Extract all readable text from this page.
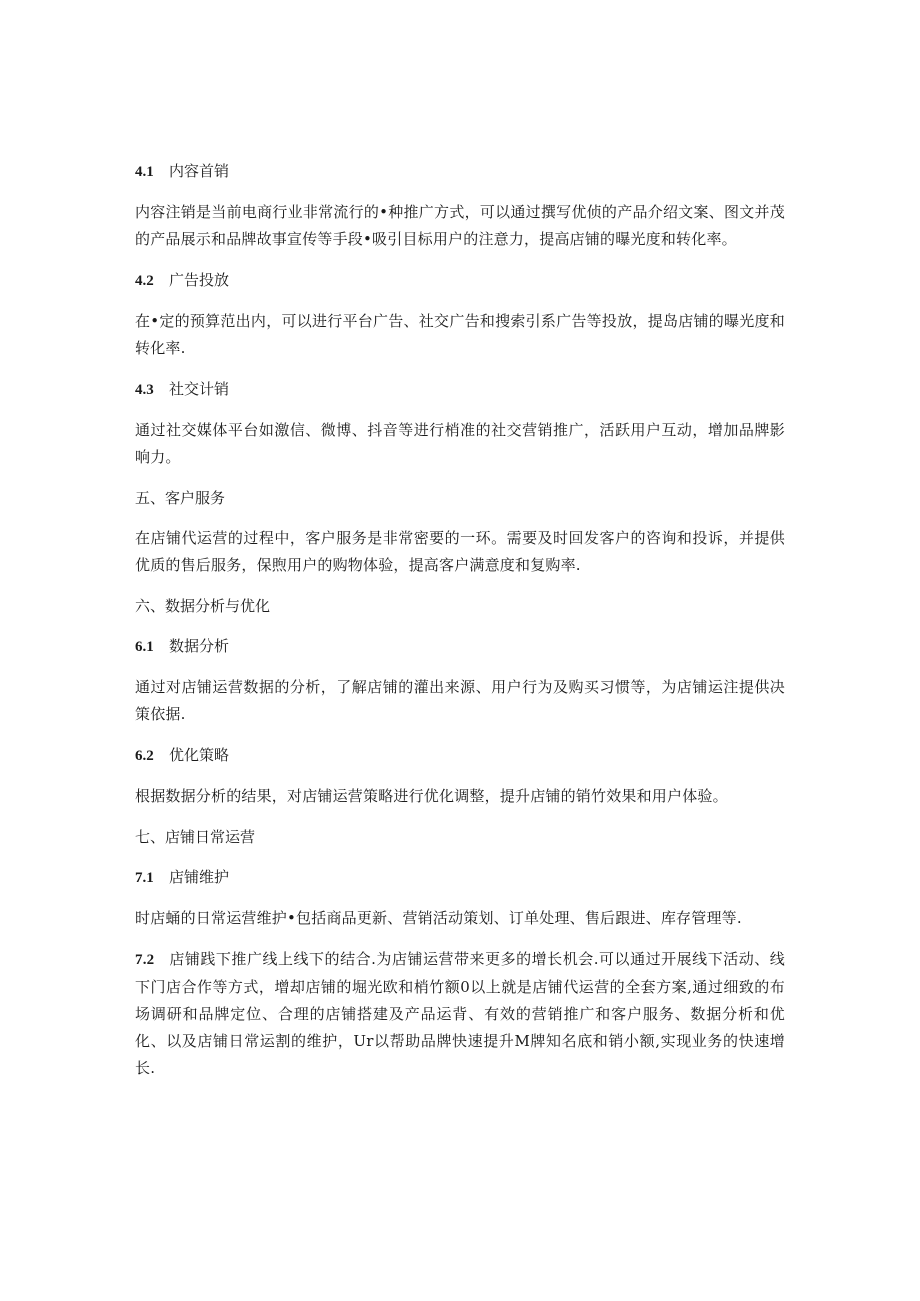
4.1 内容首销

内容注销是当前电商行业非常流行的•种推广方式，可以通过撰写优侦的产品介绍文案、图文并茂的产品展示和品牌故事宣传等手段•吸引目标用户的注意力，提高店铺的曝光度和转化率。

4.2 广告投放

在•定的预算范出内，可以进行平台广告、社交广告和搜索引系广告等投放，提岛店铺的曝光度和转化率.

4.3 社交计销

通过社交媒体平台如激信、微博、抖音等进行梢准的社交营销推广，活跃用户互动，增加品牌影响力。

五、客户服务

在店铺代运营的过程中，客户服务是非常密要的一环。需要及时回发客户的咨询和投诉，并提供优质的售后服务，保煦用户的购物体验，提高客户满意度和复购率.

六、数据分析与优化
6.1 数据分析

通过对店铺运营数据的分析，了解店铺的灌出来源、用户行为及购买习惯等，为店铺运注提供决策依据.

6.2 优化策略

根据数据分析的结果，对店铺运营策略进行优化调整，提升店铺的销竹效果和用户体验。

七、店铺日常运营
7.1 店铺维护

时店蛹的日常运营维护•包括商品更新、营销活动策划、订单处理、售后跟进、库存管理等.

7.2 店铺践下推广线上线下的结合.为店铺运营带来更多的增长机会.可以通过开展线下活动、线下门店合作等方式，增却店铺的堀光欧和梢竹额0以上就是店铺代运营的全套方案,通过细致的布场调研和品牌定位、合理的店铺搭建及产品运背、有效的营销推广和客户服务、数据分析和优化、以及店铺日常运割的维护，Ur以帮助品牌快速提升M牌知名底和销小额,实现业务的快速增长.
